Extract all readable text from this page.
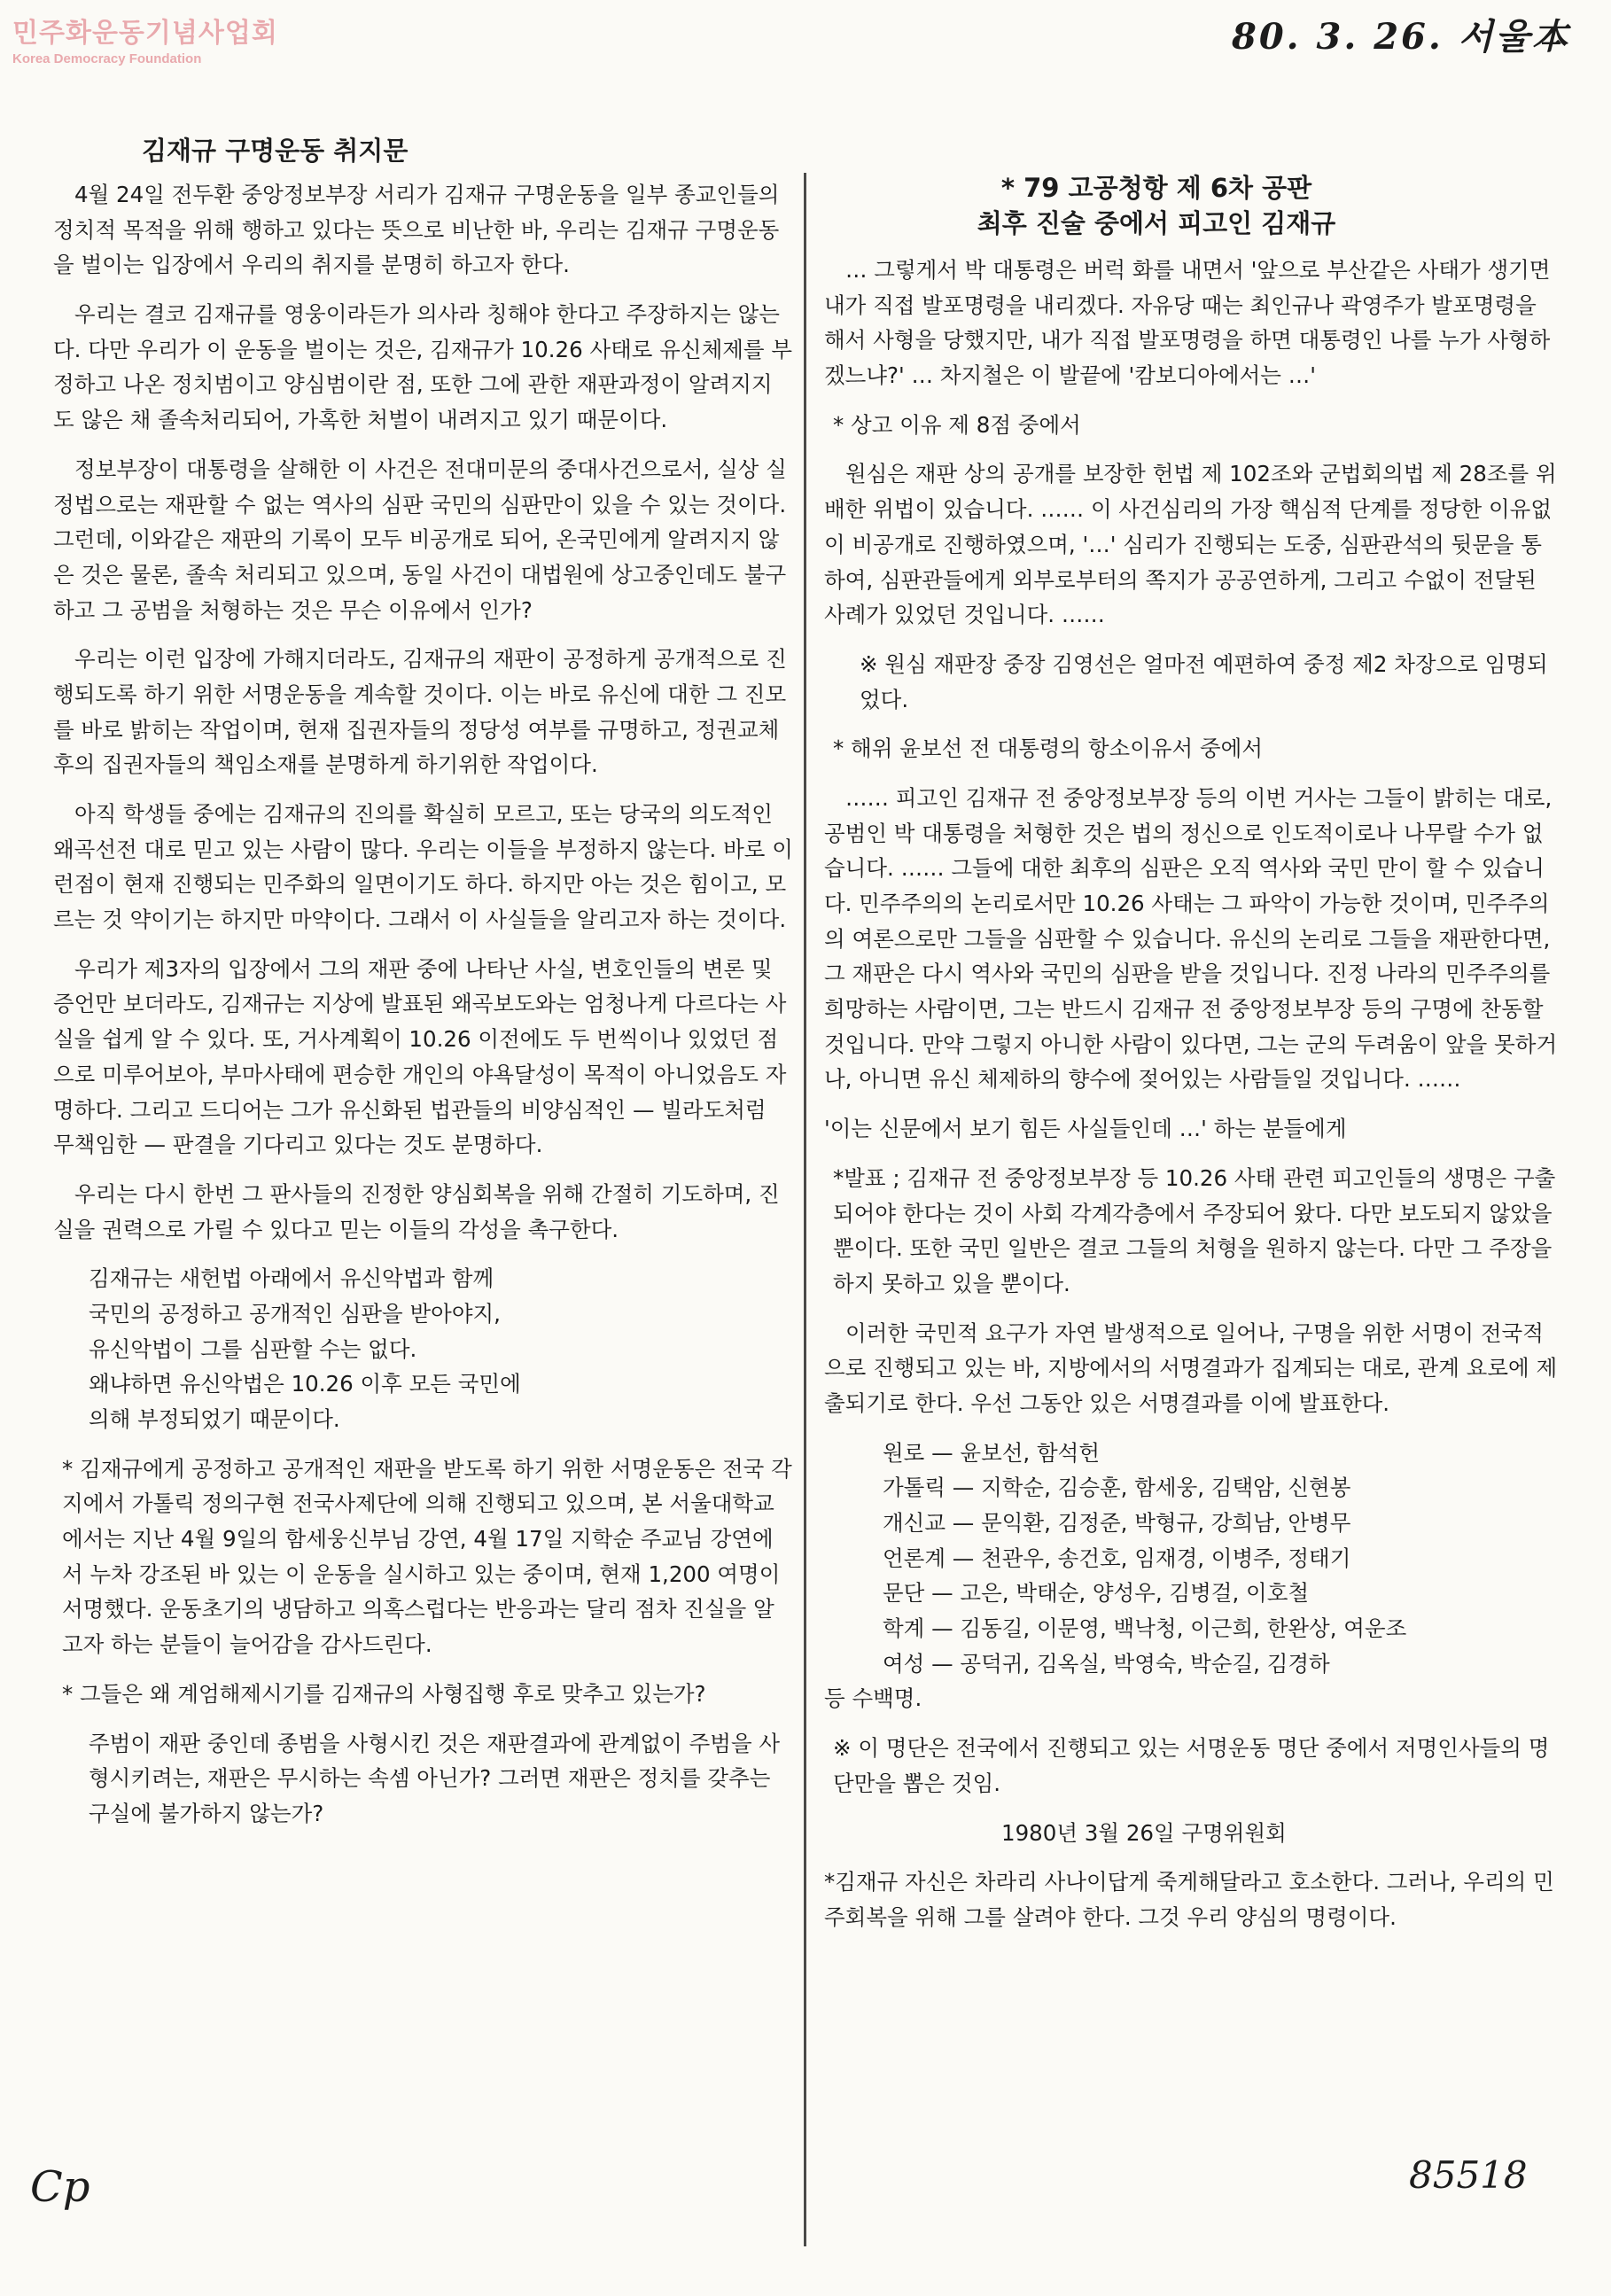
민주화운동기념사업회
Korea Democracy Foundation
80. 3. 26. 서울本
김재규 구명운동 취지문

4월 24일 전두환 중앙정보부장 서리가 김재규 구명운동을 일부 종교인들의 정치적 목적을 위해 행하고 있다는 뜻으로 비난한 바, 우리는 김재규 구명운동을 벌이는 입장에서 우리의 취지를 분명히 하고자 한다.

우리는 결코 김재규를 영웅이라든가 의사라 칭해야 한다고 주장하지는 않는다. 다만 우리가 이 운동을 벌이는 것은, 김재규가 10.26 사태로 유신체제를 부정하고 나온 정치범이고 양심범이란 점, 또한 그에 관한 재판과정이 알려지지도 않은 채 졸속처리되어, 가혹한 처벌이 내려지고 있기 때문이다.

정보부장이 대통령을 살해한 이 사건은 전대미문의 중대사건으로서, 실상 실정법으로는 재판할 수 없는 역사의 심판 국민의 심판만이 있을 수 있는 것이다. 그런데, 이와같은 재판의 기록이 모두 비공개로 되어, 온국민에게 알려지지 않은 것은 물론, 졸속 처리되고 있으며, 동일 사건이 대법원에 상고중인데도 불구하고 그 공범을 처형하는 것은 무슨 이유에서 인가?

우리는 이런 입장에 가해지더라도, 김재규의 재판이 공정하게 공개적으로 진행되도록 하기 위한 서명운동을 계속할 것이다. 이는 바로 유신에 대한 그 진모를 바로 밝히는 작업이며, 현재 집권자들의 정당성 여부를 규명하고, 정권교체 후의 집권자들의 책임소재를 분명하게 하기위한 작업이다.

아직 학생들 중에는 김재규의 진의를 확실히 모르고, 또는 당국의 의도적인 왜곡선전 대로 믿고 있는 사람이 많다. 우리는 이들을 부정하지 않는다. 바로 이런점이 현재 진행되는 민주화의 일면이기도 하다. 하지만 아는 것은 힘이고, 모르는 것 약이기는 하지만 마약이다. 그래서 이 사실들을 알리고자 하는 것이다.

우리가 제3자의 입장에서 그의 재판 중에 나타난 사실, 변호인들의 변론 및 증언만 보더라도, 김재규는 지상에 발표된 왜곡보도와는 엄청나게 다르다는 사실을 쉽게 알 수 있다. 또, 거사계획이 10.26 이전에도 두 번씩이나 있었던 점으로 미루어보아, 부마사태에 편승한 개인의 야욕달성이 목적이 아니었음도 자명하다. 그리고 드디어는 그가 유신화된 법관들의 비양심적인 — 빌라도처럼 무책임한 — 판결을 기다리고 있다는 것도 분명하다.

우리는 다시 한번 그 판사들의 진정한 양심회복을 위해 간절히 기도하며, 진실을 권력으로 가릴 수 있다고 믿는 이들의 각성을 촉구한다.

김재규는 새헌법 아래에서 유신악법과 함께
국민의 공정하고 공개적인 심판을 받아야지,
유신악법이 그를 심판할 수는 없다.
왜냐하면 유신악법은 10.26 이후 모든 국민에
의해 부정되었기 때문이다.

* 김재규에게 공정하고 공개적인 재판을 받도록 하기 위한 서명운동은 전국 각지에서 가톨릭 정의구현 전국사제단에 의해 진행되고 있으며, 본 서울대학교에서는 지난 4월 9일의 함세웅신부님 강연, 4월 17일 지학순 주교님 강연에서 누차 강조된 바 있는 이 운동을 실시하고 있는 중이며, 현재 1,200 여명이 서명했다. 운동초기의 냉담하고 의혹스럽다는 반응과는 달리 점차 진실을 알고자 하는 분들이 늘어감을 감사드린다.

* 그들은 왜 계엄해제시기를 김재규의 사형집행 후로 맞추고 있는가?

주범이 재판 중인데 종범을 사형시킨 것은 재판결과에 관계없이 주범을 사형시키려는, 재판은 무시하는 속셈 아닌가? 그러면 재판은 정치를 갖추는 구실에 불가하지 않는가?

* 79 고공청항 제 6차 공판
최후 진술 중에서 피고인 김재규

… 그렇게서 박 대통령은 버럭 화를 내면서 '앞으로 부산같은 사태가 생기면 내가 직접 발포명령을 내리겠다. 자유당 때는 최인규나 곽영주가 발포명령을 해서 사형을 당했지만, 내가 직접 발포명령을 하면 대통령인 나를 누가 사형하겠느냐?' … 차지철은 이 발끝에 '캄보디아에서는 …'

* 상고 이유 제 8점 중에서

원심은 재판 상의 공개를 보장한 헌법 제 102조와 군법회의법 제 28조를 위배한 위법이 있습니다. …… 이 사건심리의 가장 핵심적 단계를 정당한 이유없이 비공개로 진행하였으며, '…' 심리가 진행되는 도중, 심판관석의 뒷문을 통하여, 심판관들에게 외부로부터의 쪽지가 공공연하게, 그리고 수없이 전달된 사례가 있었던 것입니다. ……

※ 원심 재판장 중장 김영선은 얼마전 예편하여 중정 제2 차장으로 임명되었다.

* 해위 윤보선 전 대통령의 항소이유서 중에서

…… 피고인 김재규 전 중앙정보부장 등의 이번 거사는 그들이 밝히는 대로, 공범인 박 대통령을 처형한 것은 법의 정신으로 인도적이로나 나무랄 수가 없습니다. …… 그들에 대한 최후의 심판은 오직 역사와 국민 만이 할 수 있습니다. 민주주의의 논리로서만 10.26 사태는 그 파악이 가능한 것이며, 민주주의의 여론으로만 그들을 심판할 수 있습니다. 유신의 논리로 그들을 재판한다면, 그 재판은 다시 역사와 국민의 심판을 받을 것입니다. 진정 나라의 민주주의를 희망하는 사람이면, 그는 반드시 김재규 전 중앙정보부장 등의 구명에 찬동할 것입니다. 만약 그렇지 아니한 사람이 있다면, 그는 군의 두려움이 앞을 못하거나, 아니면 유신 체제하의 향수에 젖어있는 사람들일 것입니다. ……

'이는 신문에서 보기 힘든 사실들인데 …' 하는 분들에게

*발표 ; 김재규 전 중앙정보부장 등 10.26 사태 관련 피고인들의 생명은 구출되어야 한다는 것이 사회 각계각층에서 주장되어 왔다. 다만 보도되지 않았을 뿐이다. 또한 국민 일반은 결코 그들의 처형을 원하지 않는다. 다만 그 주장을 하지 못하고 있을 뿐이다.

이러한 국민적 요구가 자연 발생적으로 일어나, 구명을 위한 서명이 전국적으로 진행되고 있는 바, 지방에서의 서명결과가 집계되는 대로, 관계 요로에 제출되기로 한다. 우선 그동안 있은 서명결과를 이에 발표한다.

원로 — 윤보선, 함석헌
가톨릭 — 지학순, 김승훈, 함세웅, 김택암, 신현봉
개신교 — 문익환, 김정준, 박형규, 강희남, 안병무
언론계 — 천관우, 송건호, 임재경, 이병주, 정태기
문단 — 고은, 박태순, 양성우, 김병걸, 이호철
학계 — 김동길, 이문영, 백낙청, 이근희, 한완상, 여운조
여성 — 공덕귀, 김옥실, 박영숙, 박순길, 김경하
등 수백명.

※ 이 명단은 전국에서 진행되고 있는 서명운동 명단 중에서 저명인사들의 명단만을 뽑은 것임.

1980년 3월 26일 구명위원회

*김재규 자신은 차라리 사나이답게 죽게해달라고 호소한다. 그러나, 우리의 민주회복을 위해 그를 살려야 한다. 그것 우리 양심의 명령이다.

Cp	85518
